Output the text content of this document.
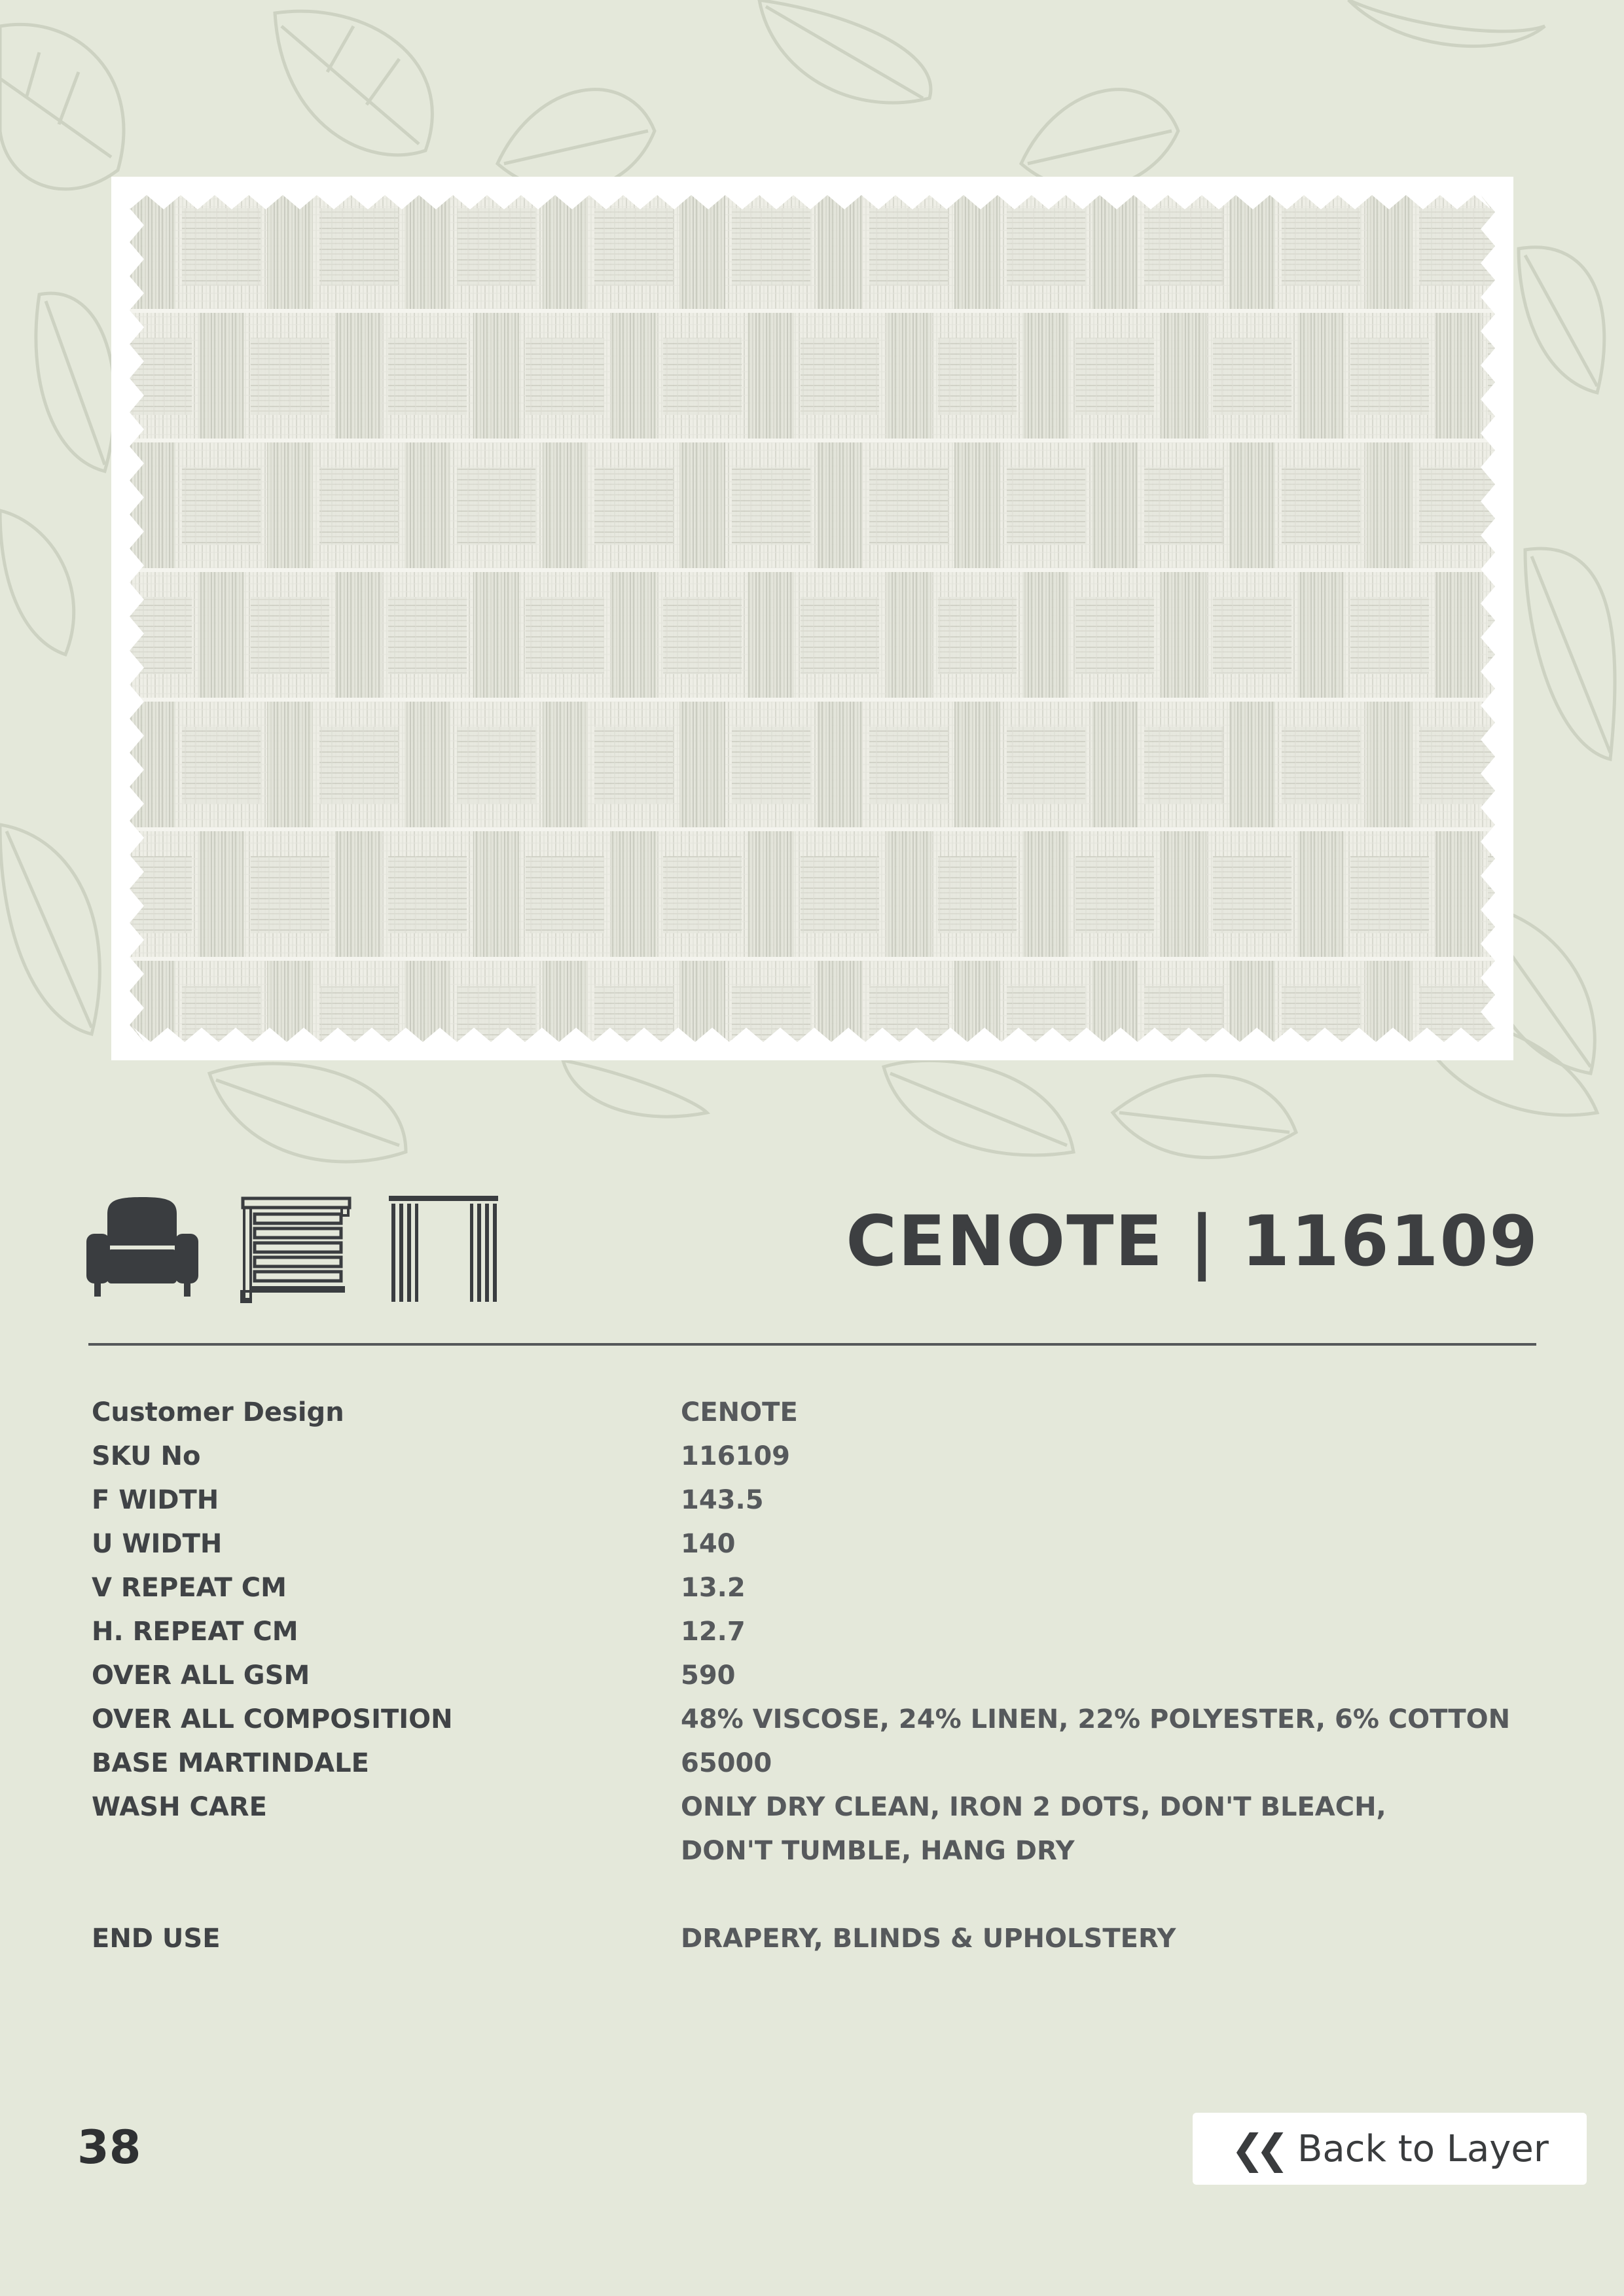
CENOTE | 116109
Customer Design	CENOTE
SKU No	116109
F WIDTH	143.5
U WIDTH	140
V REPEAT CM	13.2
H. REPEAT CM	12.7
OVER ALL GSM	590
OVER ALL COMPOSITION	48% VISCOSE, 24% LINEN, 22% POLYESTER, 6% COTTON
BASE MARTINDALE	65000
WASH CARE	ONLY DRY CLEAN, IRON 2 DOTS, DON'T BLEACH,
DON'T TUMBLE, HANG DRY
END USE	DRAPERY, BLINDS & UPHOLSTERY
38	❮❮ Back to Layer
